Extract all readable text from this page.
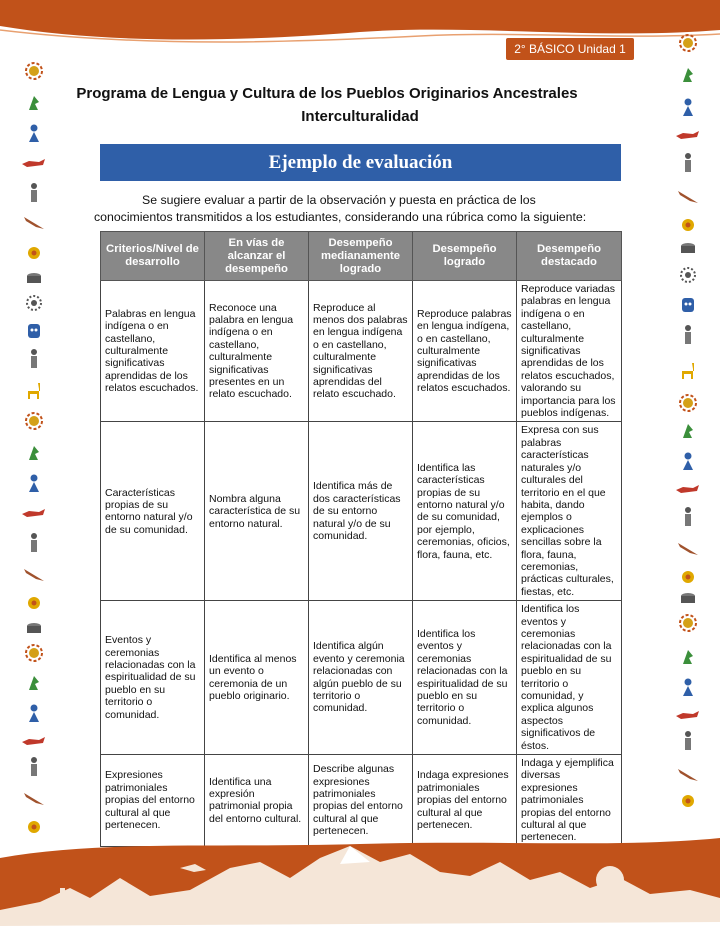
2° BÁSICO Unidad 1
Programa de Lengua y Cultura de los Pueblos Originarios Ancestrales
Interculturalidad
Ejemplo de evaluación
Se sugiere evaluar a partir de la observación y puesta en práctica de los conocimientos transmitidos a los estudiantes, considerando una rúbrica como la siguiente:
Criterios/Nivel de desarrollo	En vías de alcanzar el desempeño	Desempeño medianamente logrado	Desempeño logrado	Desempeño destacado
Palabras en lengua indígena o en castellano, culturalmente significativas aprendidas de los relatos escuchados.	Reconoce una palabra en lengua indígena o en castellano, culturalmente significativas presentes en un relato escuchado.	Reproduce al menos dos palabras en lengua indígena o en castellano, culturalmente significativas aprendidas del relato escuchado.	Reproduce palabras en lengua indígena, o en castellano, culturalmente significativas aprendidas de los relatos escuchados.	Reproduce variadas palabras en lengua indígena o en castellano, culturalmente significativas aprendidas de los relatos escuchados, valorando su importancia para los pueblos indígenas.
Características propias de su entorno natural y/o de su comunidad.	Nombra alguna característica de su entorno natural.	Identifica más de dos características de su entorno natural y/o de su comunidad.	Identifica las características propias de su entorno natural y/o de su comunidad, por ejemplo, ceremonias, oficios, flora, fauna, etc.	Expresa con sus palabras características naturales y/o culturales del territorio en el que habita, dando ejemplos o explicaciones sencillas sobre la flora, fauna, ceremonias, prácticas culturales, fiestas, etc.
Eventos y ceremonias relacionadas con la espiritualidad de su pueblo en su territorio o comunidad.	Identifica al menos un evento o ceremonia de un pueblo originario.	Identifica algún evento y ceremonia relacionadas con algún pueblo de su territorio o comunidad.	Identifica los eventos y ceremonias relacionadas con la espiritualidad de su pueblo en su territorio o comunidad.	Identifica los eventos y ceremonias relacionadas con la espiritualidad de su pueblo en su territorio o comunidad, y explica algunos aspectos significativos de éstos.
Expresiones patrimoniales propias del entorno cultural al que pertenecen.	Identifica una expresión patrimonial propia del entorno cultural.	Describe algunas expresiones patrimoniales propias del entorno cultural al que pertenecen.	Indaga expresiones patrimoniales propias del entorno cultural al que pertenecen.	Indaga y ejemplifica diversas expresiones patrimoniales propias del entorno cultural al que pertenecen.
